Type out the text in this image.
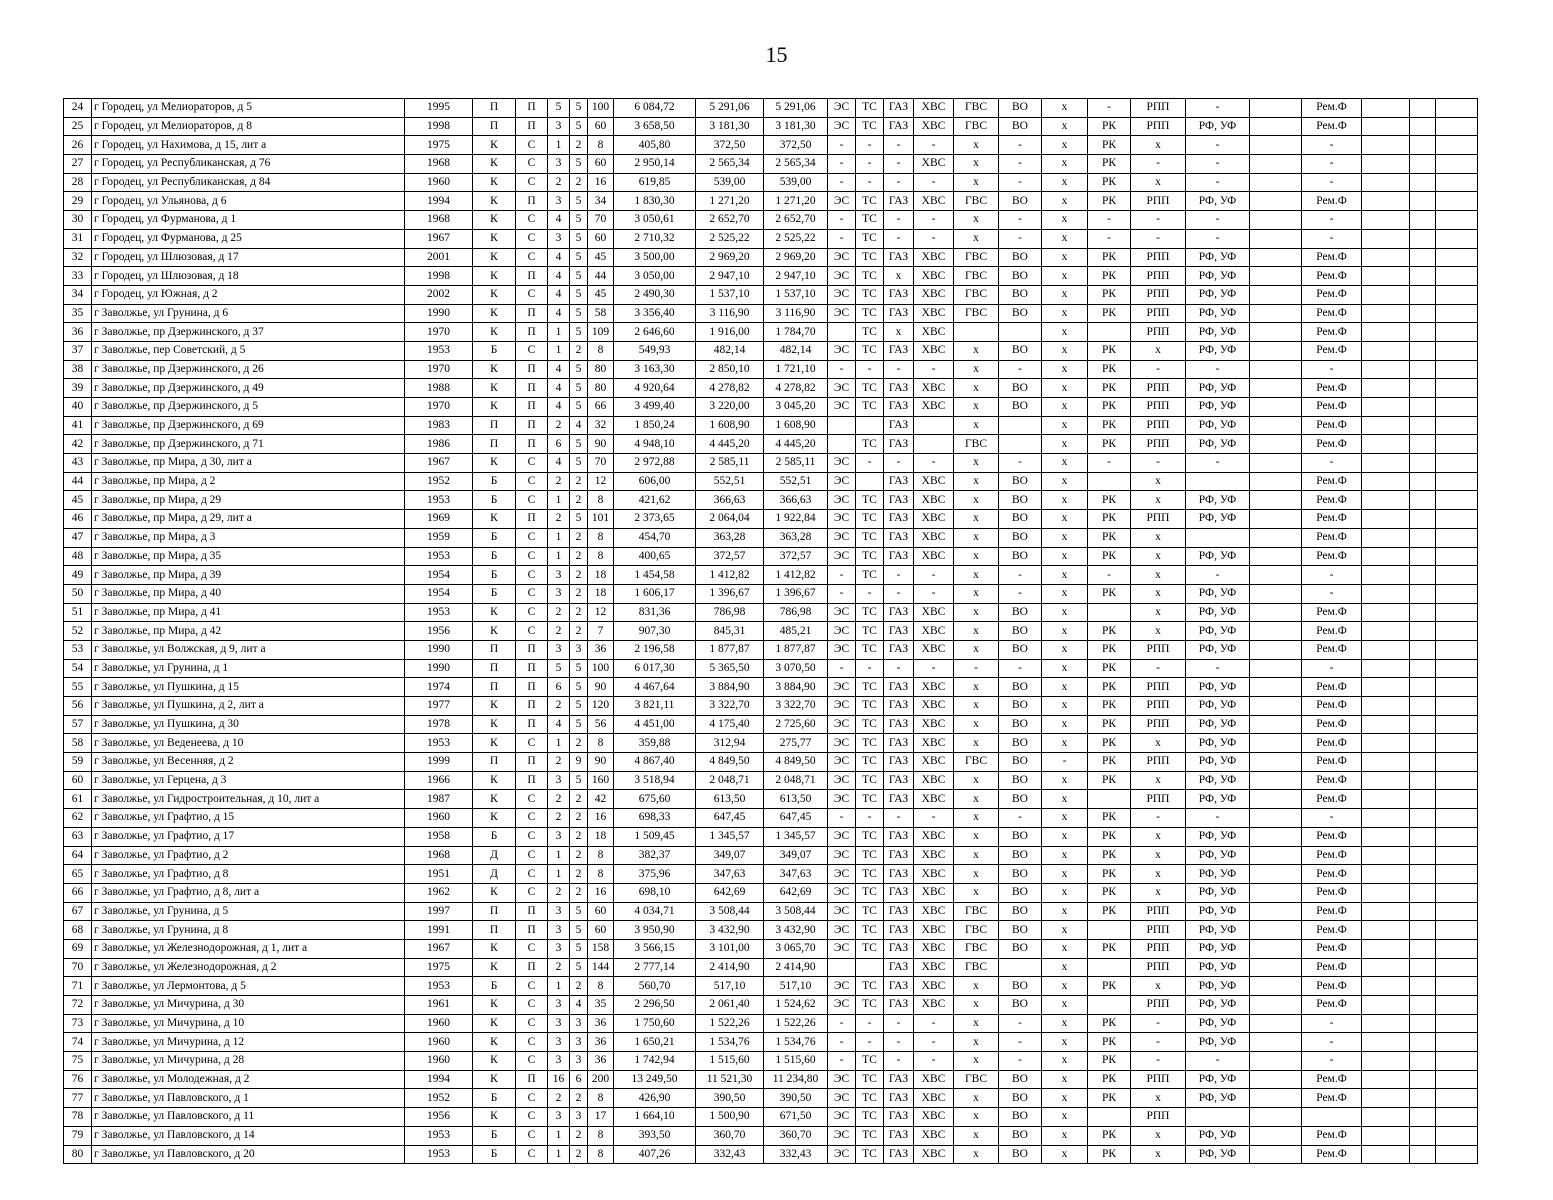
15
24	г Городец, ул Мелиораторов, д 5	1995	П	П	5	5	100	6 084,72	5 291,06	5 291,06	ЭС	ТС	ГАЗ	ХВС	ГВС	ВО	х	-	РПП	-		Рем.Ф			
25	г Городец, ул Мелиораторов, д 8	1998	П	П	3	5	60	3 658,50	3 181,30	3 181,30	ЭС	ТС	ГАЗ	ХВС	ГВС	ВО	х	РК	РПП	РФ, УФ		Рем.Ф			
26	г Городец, ул Нахимова, д 15, лит а	1975	К	С	1	2	8	405,80	372,50	372,50	-	-	-	-	х	-	х	РК	х	-		-			
27	г Городец, ул Республиканская, д 76	1968	К	С	3	5	60	2 950,14	2 565,34	2 565,34	-	-	-	ХВС	х	-	х	РК	-	-		-			
28	г Городец, ул Республиканская, д 84	1960	К	С	2	2	16	619,85	539,00	539,00	-	-	-	-	х	-	х	РК	х	-		-			
29	г Городец, ул Ульянова, д 6	1994	К	П	3	5	34	1 830,30	1 271,20	1 271,20	ЭС	ТС	ГАЗ	ХВС	ГВС	ВО	х	РК	РПП	РФ, УФ		Рем.Ф			
30	г Городец, ул Фурманова, д 1	1968	К	С	4	5	70	3 050,61	2 652,70	2 652,70	-	ТС	-	-	х	-	х	-	-	-		-			
31	г Городец, ул Фурманова, д 25	1967	К	С	3	5	60	2 710,32	2 525,22	2 525,22	-	ТС	-	-	х	-	х	-	-	-		-			
32	г Городец, ул Шлюзовая, д 17	2001	К	С	4	5	45	3 500,00	2 969,20	2 969,20	ЭС	ТС	ГАЗ	ХВС	ГВС	ВО	х	РК	РПП	РФ, УФ		Рем.Ф			
33	г Городец, ул Шлюзовая, д 18	1998	К	П	4	5	44	3 050,00	2 947,10	2 947,10	ЭС	ТС	х	ХВС	ГВС	ВО	х	РК	РПП	РФ, УФ		Рем.Ф			
34	г Городец, ул Южная, д 2	2002	К	С	4	5	45	2 490,30	1 537,10	1 537,10	ЭС	ТС	ГАЗ	ХВС	ГВС	ВО	х	РК	РПП	РФ, УФ		Рем.Ф			
35	г Заволжье, ул Грунина, д 6	1990	К	П	4	5	58	3 356,40	3 116,90	3 116,90	ЭС	ТС	ГАЗ	ХВС	ГВС	ВО	х	РК	РПП	РФ, УФ		Рем.Ф			
36	г Заволжье, пр Дзержинского, д 37	1970	К	П	1	5	109	2 646,60	1 916,00	1 784,70		ТС	х	ХВС			х		РПП	РФ, УФ		Рем.Ф			
37	г Заволжье, пер Советский, д 5	1953	Б	С	1	2	8	549,93	482,14	482,14	ЭС	ТС	ГАЗ	ХВС	х	ВО	х	РК	х	РФ, УФ		Рем.Ф			
38	г Заволжье, пр Дзержинского, д 26	1970	К	П	4	5	80	3 163,30	2 850,10	1 721,10	-	-	-	-	х	-	х	РК	-	-		-			
39	г Заволжье, пр Дзержинского, д 49	1988	К	П	4	5	80	4 920,64	4 278,82	4 278,82	ЭС	ТС	ГАЗ	ХВС	х	ВО	х	РК	РПП	РФ, УФ		Рем.Ф			
40	г Заволжье, пр Дзержинского, д 5	1970	К	П	4	5	66	3 499,40	3 220,00	3 045,20	ЭС	ТС	ГАЗ	ХВС	х	ВО	х	РК	РПП	РФ, УФ		Рем.Ф			
41	г Заволжье, пр Дзержинского, д 69	1983	П	П	2	4	32	1 850,24	1 608,90	1 608,90			ГАЗ		х		х	РК	РПП	РФ, УФ		Рем.Ф			
42	г Заволжье, пр Дзержинского, д 71	1986	П	П	6	5	90	4 948,10	4 445,20	4 445,20		ТС	ГАЗ		ГВС		х	РК	РПП	РФ, УФ		Рем.Ф			
43	г Заволжье, пр Мира, д 30, лит а	1967	К	С	4	5	70	2 972,88	2 585,11	2 585,11	ЭС	-	-	-	х	-	х	-	-	-		-			
44	г Заволжье, пр Мира, д 2	1952	Б	С	2	2	12	606,00	552,51	552,51	ЭС		ГАЗ	ХВС	х	ВО	х		х			Рем.Ф			
45	г Заволжье, пр Мира, д 29	1953	Б	С	1	2	8	421,62	366,63	366,63	ЭС	ТС	ГАЗ	ХВС	х	ВО	х	РК	х	РФ, УФ		Рем.Ф			
46	г Заволжье, пр Мира, д 29, лит а	1969	К	П	2	5	101	2 373,65	2 064,04	1 922,84	ЭС	ТС	ГАЗ	ХВС	х	ВО	х	РК	РПП	РФ, УФ		Рем.Ф			
47	г Заволжье, пр Мира, д 3	1959	Б	С	1	2	8	454,70	363,28	363,28	ЭС	ТС	ГАЗ	ХВС	х	ВО	х	РК	х			Рем.Ф			
48	г Заволжье, пр Мира, д 35	1953	Б	С	1	2	8	400,65	372,57	372,57	ЭС	ТС	ГАЗ	ХВС	х	ВО	х	РК	х	РФ, УФ		Рем.Ф			
49	г Заволжье, пр Мира, д 39	1954	Б	С	3	2	18	1 454,58	1 412,82	1 412,82	-	ТС	-	-	х	-	х	-	х	-		-			
50	г Заволжье, пр Мира, д 40	1954	Б	С	3	2	18	1 606,17	1 396,67	1 396,67	-	-	-	-	х	-	х	РК	х	РФ, УФ		-			
51	г Заволжье, пр Мира, д 41	1953	К	С	2	2	12	831,36	786,98	786,98	ЭС	ТС	ГАЗ	ХВС	х	ВО	х		х	РФ, УФ		Рем.Ф			
52	г Заволжье, пр Мира, д 42	1956	К	С	2	2	7	907,30	845,31	485,21	ЭС	ТС	ГАЗ	ХВС	х	ВО	х	РК	х	РФ, УФ		Рем.Ф			
53	г Заволжье, ул Волжская, д 9, лит а	1990	П	П	3	3	36	2 196,58	1 877,87	1 877,87	ЭС	ТС	ГАЗ	ХВС	х	ВО	х	РК	РПП	РФ, УФ		Рем.Ф			
54	г Заволжье, ул Грунина, д 1	1990	П	П	5	5	100	6 017,30	5 365,50	3 070,50	-	-	-	-	-	-	х	РК	-	-		-			
55	г Заволжье, ул Пушкина, д 15	1974	П	П	6	5	90	4 467,64	3 884,90	3 884,90	ЭС	ТС	ГАЗ	ХВС	х	ВО	х	РК	РПП	РФ, УФ		Рем.Ф			
56	г Заволжье, ул Пушкина, д 2, лит а	1977	К	П	2	5	120	3 821,11	3 322,70	3 322,70	ЭС	ТС	ГАЗ	ХВС	х	ВО	х	РК	РПП	РФ, УФ		Рем.Ф			
57	г Заволжье, ул Пушкина, д 30	1978	К	П	4	5	56	4 451,00	4 175,40	2 725,60	ЭС	ТС	ГАЗ	ХВС	х	ВО	х	РК	РПП	РФ, УФ		Рем.Ф			
58	г Заволжье, ул Веденеева, д 10	1953	К	С	1	2	8	359,88	312,94	275,77	ЭС	ТС	ГАЗ	ХВС	х	ВО	х	РК	х	РФ, УФ		Рем.Ф			
59	г Заволжье, ул Весенняя, д 2	1999	П	П	2	9	90	4 867,40	4 849,50	4 849,50	ЭС	ТС	ГАЗ	ХВС	ГВС	ВО	-	РК	РПП	РФ, УФ		Рем.Ф			
60	г Заволжье, ул Герцена, д 3	1966	К	П	3	5	160	3 518,94	2 048,71	2 048,71	ЭС	ТС	ГАЗ	ХВС	х	ВО	х	РК	х	РФ, УФ		Рем.Ф			
61	г Заволжье, ул Гидростроительная, д 10, лит а	1987	К	С	2	2	42	675,60	613,50	613,50	ЭС	ТС	ГАЗ	ХВС	х	ВО	х		РПП	РФ, УФ		Рем.Ф			
62	г Заволжье, ул Графтио, д 15	1960	К	С	2	2	16	698,33	647,45	647,45	-	-	-	-	х	-	х	РК	-	-		-			
63	г Заволжье, ул Графтио, д 17	1958	Б	С	3	2	18	1 509,45	1 345,57	1 345,57	ЭС	ТС	ГАЗ	ХВС	х	ВО	х	РК	х	РФ, УФ		Рем.Ф			
64	г Заволжье, ул Графтио, д 2	1968	Д	С	1	2	8	382,37	349,07	349,07	ЭС	ТС	ГАЗ	ХВС	х	ВО	х	РК	х	РФ, УФ		Рем.Ф			
65	г Заволжье, ул Графтио, д 8	1951	Д	С	1	2	8	375,96	347,63	347,63	ЭС	ТС	ГАЗ	ХВС	х	ВО	х	РК	х	РФ, УФ		Рем.Ф			
66	г Заволжье, ул Графтио, д 8, лит а	1962	К	С	2	2	16	698,10	642,69	642,69	ЭС	ТС	ГАЗ	ХВС	х	ВО	х	РК	х	РФ, УФ		Рем.Ф			
67	г Заволжье, ул Грунина, д 5	1997	П	П	3	5	60	4 034,71	3 508,44	3 508,44	ЭС	ТС	ГАЗ	ХВС	ГВС	ВО	х	РК	РПП	РФ, УФ		Рем.Ф			
68	г Заволжье, ул Грунина, д 8	1991	П	П	3	5	60	3 950,90	3 432,90	3 432,90	ЭС	ТС	ГАЗ	ХВС	ГВС	ВО	х		РПП	РФ, УФ		Рем.Ф			
69	г Заволжье, ул Железнодорожная, д 1, лит а	1967	К	С	3	5	158	3 566,15	3 101,00	3 065,70	ЭС	ТС	ГАЗ	ХВС	ГВС	ВО	х	РК	РПП	РФ, УФ		Рем.Ф			
70	г Заволжье, ул Железнодорожная, д 2	1975	К	П	2	5	144	2 777,14	2 414,90	2 414,90			ГАЗ	ХВС	ГВС		х		РПП	РФ, УФ		Рем.Ф			
71	г Заволжье, ул Лермонтова, д 5	1953	Б	С	1	2	8	560,70	517,10	517,10	ЭС	ТС	ГАЗ	ХВС	х	ВО	х	РК	х	РФ, УФ		Рем.Ф			
72	г Заволжье, ул Мичурина, д 30	1961	К	С	3	4	35	2 296,50	2 061,40	1 524,62	ЭС	ТС	ГАЗ	ХВС	х	ВО	х		РПП	РФ, УФ		Рем.Ф			
73	г Заволжье, ул Мичурина, д 10	1960	К	С	3	3	36	1 750,60	1 522,26	1 522,26	-	-	-	-	х	-	х	РК	-	РФ, УФ		-			
74	г Заволжье, ул Мичурина, д 12	1960	К	С	3	3	36	1 650,21	1 534,76	1 534,76	-	-	-	-	х	-	х	РК	-	РФ, УФ		-			
75	г Заволжье, ул Мичурина, д 28	1960	К	С	3	3	36	1 742,94	1 515,60	1 515,60	-	ТС	-	-	х	-	х	РК	-	-		-			
76	г Заволжье, ул Молодежная, д 2	1994	К	П	16	6	200	13 249,50	11 521,30	11 234,80	ЭС	ТС	ГАЗ	ХВС	ГВС	ВО	х	РК	РПП	РФ, УФ		Рем.Ф			
77	г Заволжье, ул Павловского, д 1	1952	Б	С	2	2	8	426,90	390,50	390,50	ЭС	ТС	ГАЗ	ХВС	х	ВО	х	РК	х	РФ, УФ		Рем.Ф			
78	г Заволжье, ул Павловского, д 11	1956	К	С	3	3	17	1 664,10	1 500,90	671,50	ЭС	ТС	ГАЗ	ХВС	х	ВО	х		РПП						
79	г Заволжье, ул Павловского, д 14	1953	Б	С	1	2	8	393,50	360,70	360,70	ЭС	ТС	ГАЗ	ХВС	х	ВО	х	РК	х	РФ, УФ		Рем.Ф			
80	г Заволжье, ул Павловского, д 20	1953	Б	С	1	2	8	407,26	332,43	332,43	ЭС	ТС	ГАЗ	ХВС	х	ВО	х	РК	х	РФ, УФ		Рем.Ф			
